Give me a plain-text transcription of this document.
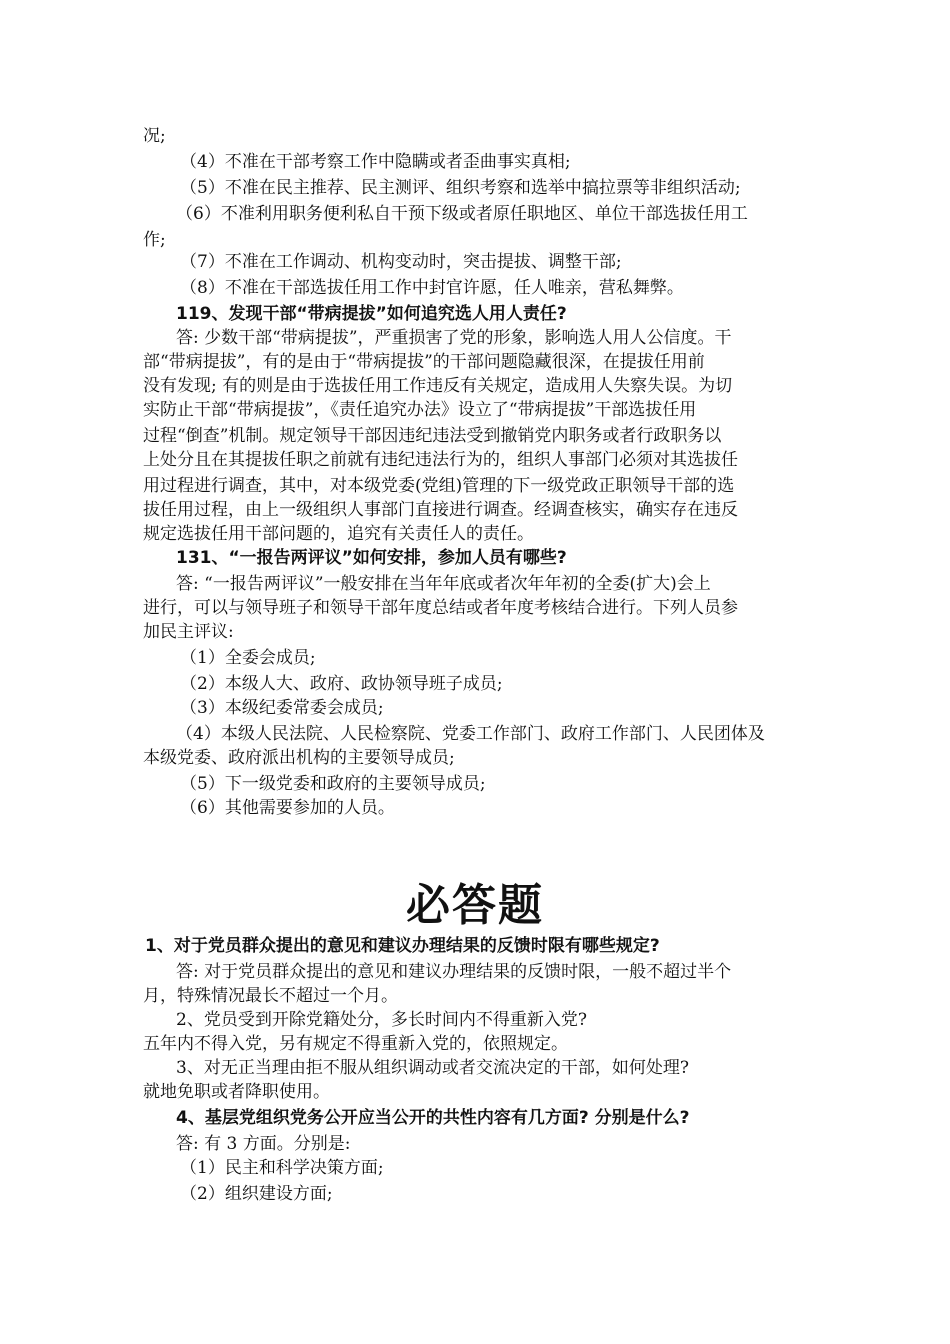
况;
（4）不准在干部考察工作中隐瞒或者歪曲事实真相;
（5）不准在民主推荐、民主测评、组织考察和选举中搞拉票等非组织活动;
（6）不准利用职务便利私自干预下级或者原任职地区、单位干部选拔任用工
作;
（7）不准在工作调动、机构变动时，突击提拔、调整干部;
（8）不准在干部选拔任用工作中封官许愿，任人唯亲，营私舞弊。
119、发现干部“带病提拔”如何追究选人用人责任?
答: 少数干部“带病提拔”，严重损害了党的形象，影响选人用人公信度。干
部“带病提拔”，有的是由于“带病提拔”的干部问题隐藏很深，在提拔任用前
没有发现; 有的则是由于选拔任用工作违反有关规定，造成用人失察失误。为切
实防止干部“带病提拔”，《责任追究办法》设立了“带病提拔”干部选拔任用
过程“倒查”机制。规定领导干部因违纪违法受到撤销党内职务或者行政职务以
上处分且在其提拔任职之前就有违纪违法行为的，组织人事部门必须对其选拔任
用过程进行调查，其中，对本级党委(党组)管理的下一级党政正职领导干部的选
拔任用过程，由上一级组织人事部门直接进行调查。经调查核实，确实存在违反
规定选拔任用干部问题的，追究有关责任人的责任。
131、“一报告两评议”如何安排，参加人员有哪些?
答: “一报告两评议”一般安排在当年年底或者次年年初的全委(扩大)会上
进行，可以与领导班子和领导干部年度总结或者年度考核结合进行。下列人员参
加民主评议:
（1）全委会成员;
（2）本级人大、政府、政协领导班子成员;
（3）本级纪委常委会成员;
（4）本级人民法院、人民检察院、党委工作部门、政府工作部门、人民团体及
本级党委、政府派出机构的主要领导成员;
（5）下一级党委和政府的主要领导成员;
（6）其他需要参加的人员。
必答题
1、对于党员群众提出的意见和建议办理结果的反馈时限有哪些规定?
答: 对于党员群众提出的意见和建议办理结果的反馈时限，一般不超过半个
月，特殊情况最长不超过一个月。
2、党员受到开除党籍处分，多长时间内不得重新入党?
五年内不得入党，另有规定不得重新入党的，依照规定。
3、对无正当理由拒不服从组织调动或者交流决定的干部，如何处理?
就地免职或者降职使用。
4、基层党组织党务公开应当公开的共性内容有几方面? 分别是什么?
答: 有 3 方面。分别是:
（1）民主和科学决策方面;
（2）组织建设方面;
